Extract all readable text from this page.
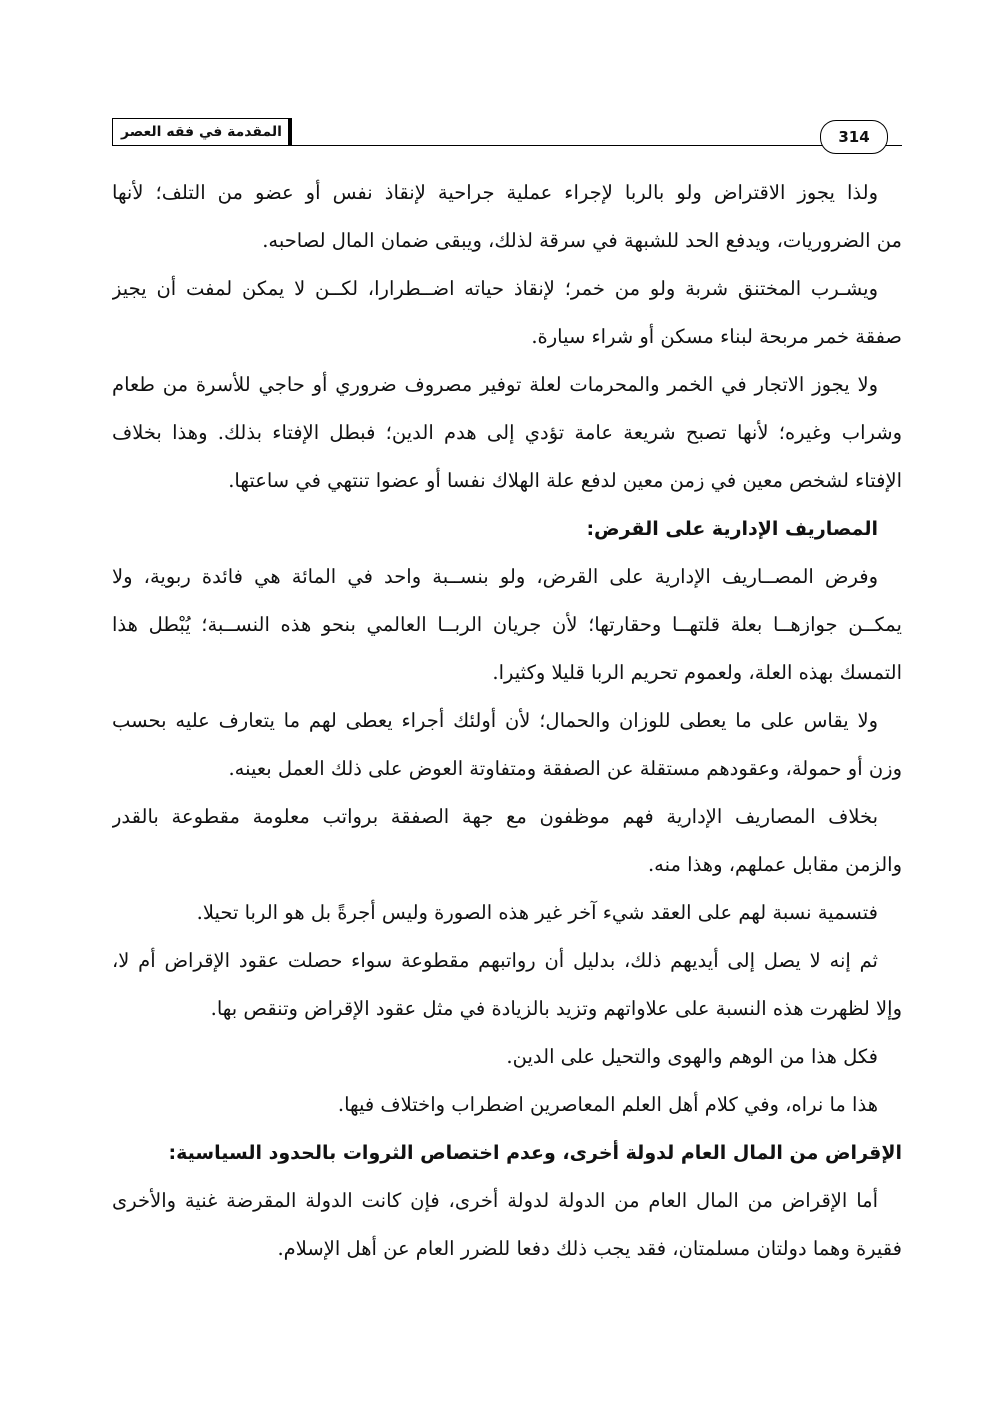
المقدمة في فقه العصر	314
ولذا يجوز الاقتراض ولو بالربا لإجراء عملية جراحية لإنقاذ نفس أو عضو من التلف؛ لأنها
من الضروريات، ويدفع الحد للشبهة في سرقة لذلك، ويبقى ضمان المال لصاحبه.
ويشـرب المختنق شربة ولو من خمر؛ لإنقاذ حياته اضــطرارا، لكــن لا يمكن لمفت أن يجيز
صفقة خمر مربحة لبناء مسكن أو شراء سيارة.
ولا يجوز الاتجار في الخمر والمحرمات لعلة توفير مصروف ضروري أو حاجي للأسرة من طعام
وشراب وغيره؛ لأنها تصبح شريعة عامة تؤدي إلى هدم الدين؛ فبطل الإفتاء بذلك. وهذا بخلاف
الإفتاء لشخص معين في زمن معين لدفع علة الهلاك نفسا أو عضوا تنتهي في ساعتها.
المصاريف الإدارية على القرض:
وفرض المصــاريف الإدارية على القرض، ولو بنســبة واحد في المائة هي فائدة ربوية، ولا
يمكــن جوازهــا بعلة قلتهــا وحقارتها؛ لأن جريان الربــا العالمي بنحو هذه النســبة؛ يُبْطل هذا
التمسك بهذه العلة، ولعموم تحريم الربا قليلا وكثيرا.
ولا يقاس على ما يعطى للوزان والحمال؛ لأن أولئك أجراء يعطى لهم ما يتعارف عليه بحسب
وزن أو حمولة، وعقودهم مستقلة عن الصفقة ومتفاوتة العوض على ذلك العمل بعينه.
بخلاف المصاريف الإدارية فهم موظفون مع جهة الصفقة برواتب معلومة مقطوعة بالقدر
والزمن مقابل عملهم، وهذا منه.
فتسمية نسبة لهم على العقد شيء آخر غير هذه الصورة وليس أجرةً بل هو الربا تحيلا.
ثم إنه لا يصل إلى أيديهم ذلك، بدليل أن رواتبهم مقطوعة سواء حصلت عقود الإقراض أم لا،
وإلا لظهرت هذه النسبة على علاواتهم وتزيد بالزيادة في مثل عقود الإقراض وتنقص بها.
فكل هذا من الوهم والهوى والتحيل على الدين.
هذا ما نراه، وفي كلام أهل العلم المعاصرين اضطراب واختلاف فيها.
الإقراض من المال العام لدولة أخرى، وعدم اختصاص الثروات بالحدود السياسية:
أما الإقراض من المال العام من الدولة لدولة أخرى، فإن كانت الدولة المقرضة غنية والأخرى
فقيرة وهما دولتان مسلمتان، فقد يجب ذلك دفعا للضرر العام عن أهل الإسلام.
